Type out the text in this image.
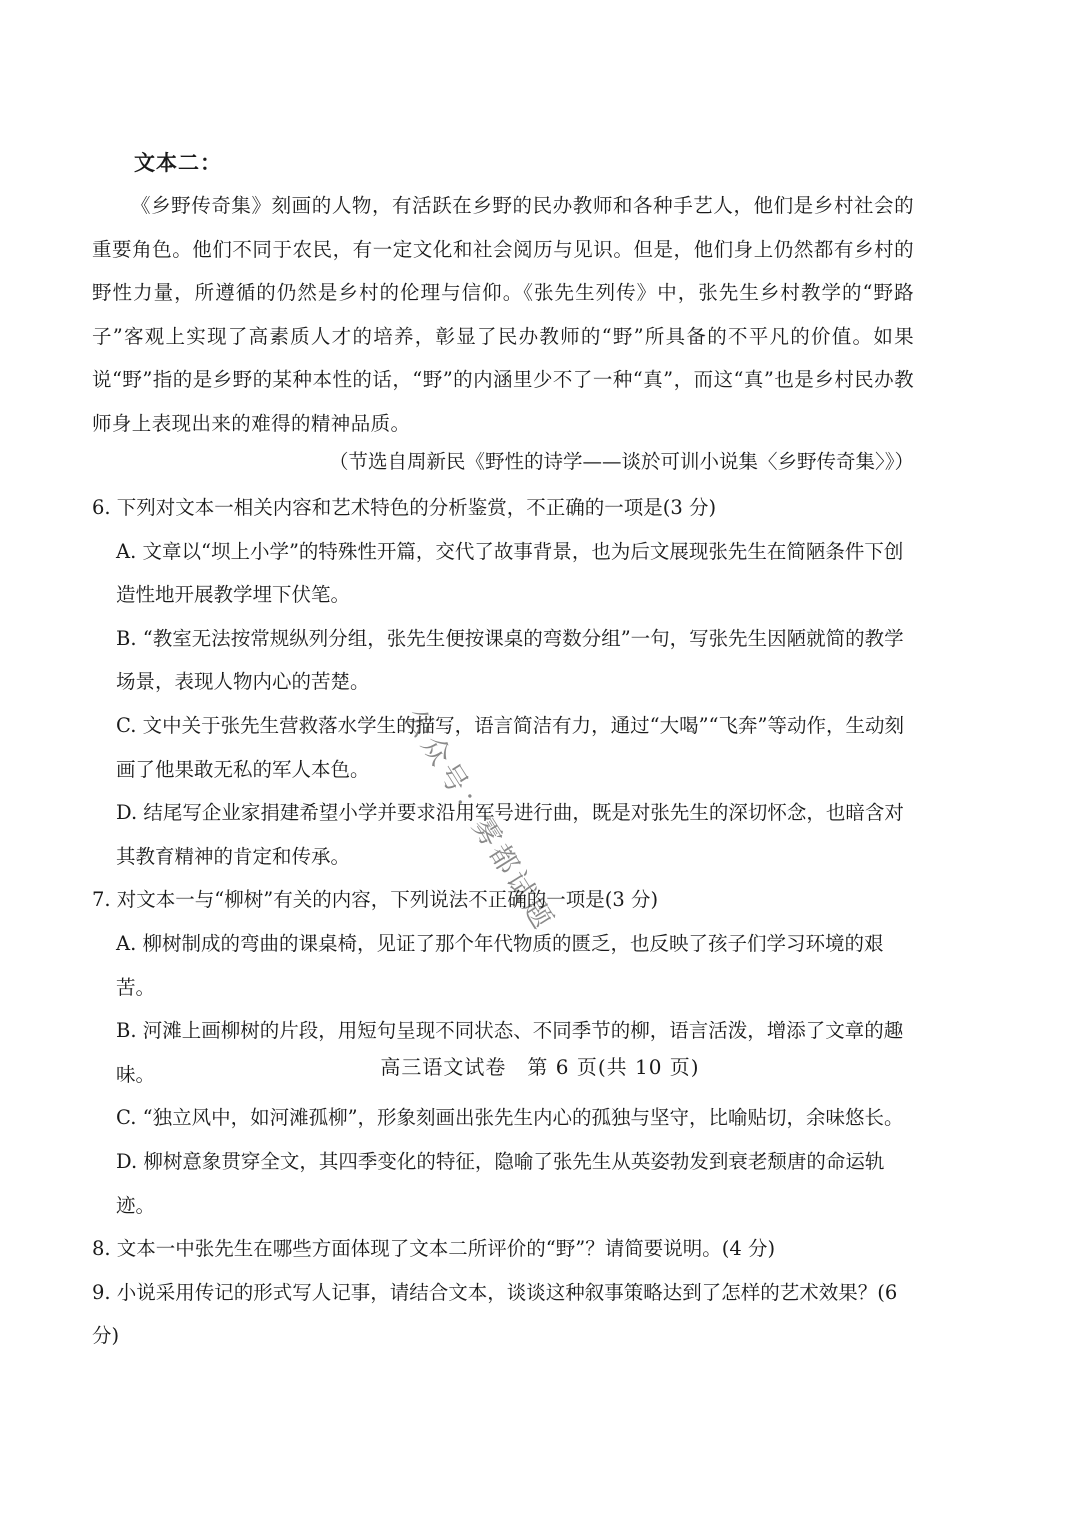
文本二：

《乡野传奇集》刻画的人物，有活跃在乡野的民办教师和各种手艺人，他们是乡村社会的重要角色。他们不同于农民，有一定文化和社会阅历与见识。但是，他们身上仍然都有乡村的野性力量，所遵循的仍然是乡村的伦理与信仰。《张先生列传》中，张先生乡村教学的“野路子”客观上实现了高素质人才的培养，彰显了民办教师的“野”所具备的不平凡的价值。如果说“野”指的是乡野的某种本性的话，“野”的内涵里少不了一种“真”，而这“真”也是乡村民办教师身上表现出来的难得的精神品质。

（节选自周新民《野性的诗学——谈於可训小说集〈乡野传奇集〉》）

6. 下列对文本一相关内容和艺术特色的分析鉴赏，不正确的一项是(3 分)

A. 文章以“坝上小学”的特殊性开篇，交代了故事背景，也为后文展现张先生在简陋条件下创造性地开展教学埋下伏笔。

B. “教室无法按常规纵列分组，张先生便按课桌的弯数分组”一句，写张先生因陋就简的教学场景，表现人物内心的苦楚。

C. 文中关于张先生营救落水学生的描写，语言简洁有力，通过“大喝”“飞奔”等动作，生动刻画了他果敢无私的军人本色。

D. 结尾写企业家捐建希望小学并要求沿用军号进行曲，既是对张先生的深切怀念，也暗含对其教育精神的肯定和传承。

7. 对文本一与“柳树”有关的内容，下列说法不正确的一项是(3 分)

A. 柳树制成的弯曲的课桌椅，见证了那个年代物质的匮乏，也反映了孩子们学习环境的艰苦。

B. 河滩上画柳树的片段，用短句呈现不同状态、不同季节的柳，语言活泼，增添了文章的趣味。

C. “独立风中，如河滩孤柳”，形象刻画出张先生内心的孤独与坚守，比喻贴切，余味悠长。

D. 柳树意象贯穿全文，其四季变化的特征，隐喻了张先生从英姿勃发到衰老颓唐的命运轨迹。

8. 文本一中张先生在哪些方面体现了文本二所评价的“野”？请简要说明。(4 分)

9. 小说采用传记的形式写人记事，请结合文本，谈谈这种叙事策略达到了怎样的艺术效果？(6 分)

高三语文试卷　第 6 页(共 10 页)
公众号：雾都试题
